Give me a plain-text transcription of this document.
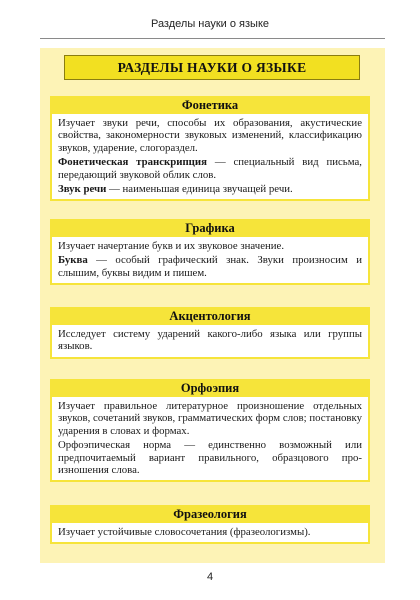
Разделы науки о языке
РАЗДЕЛЫ НАУКИ О ЯЗЫКЕ
Фонетика

Изучает звуки речи, способы их образования, акустические свойства, закономерности звуковых изменений, классификацию звуков, ударение, слогораздел.

Фонетическая транскрипция — специальный вид письма, передающий звуковой облик слов.

Звук речи — наименьшая единица звучащей речи.

Графика

Изучает начертание букв и их звуковое значение.

Буква — особый графический знак. Звуки произносим и слышим, буквы видим и пишем.

Акцентология

Исследует систему ударений какого-либо языка или группы языков.

Орфоэпия

Изучает правильное литературное произношение отдельных звуков, сочетаний звуков, грамматических форм слов; постановку ударения в словах и формах.

Орфоэпическая норма — единственно возможный или предпочитаемый вариант правильного, образцового произношения слова.

Фразеология

Изучает устойчивые словосочетания (фразеологизмы).

4
